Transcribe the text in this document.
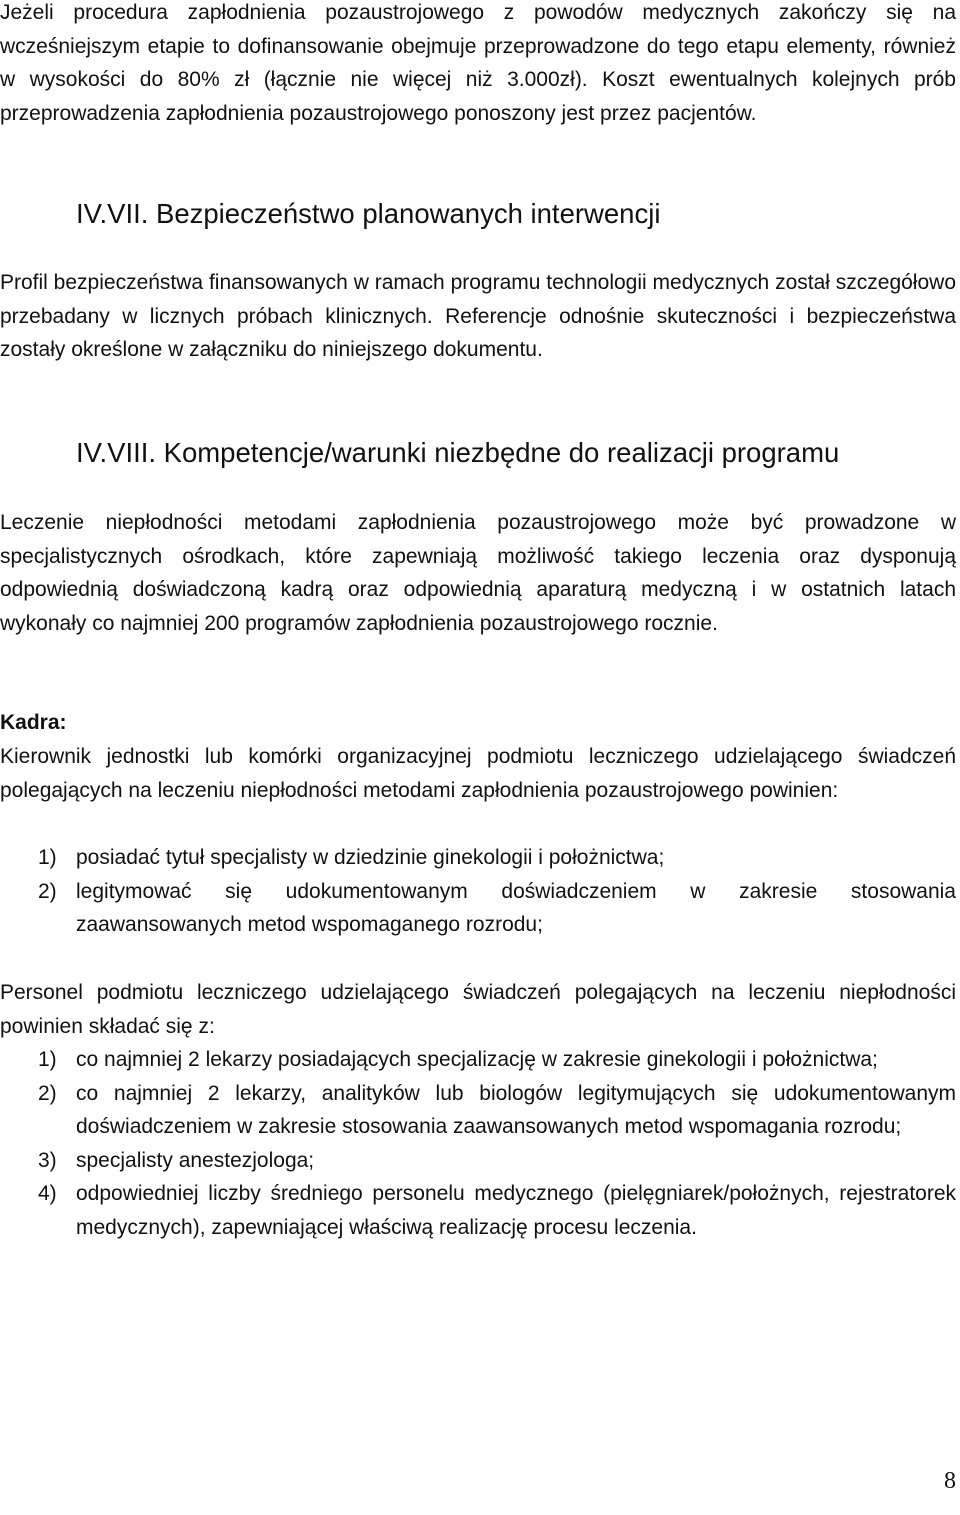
Jeżeli procedura zapłodnienia pozaustrojowego z powodów medycznych zakończy się na wcześniejszym etapie to dofinansowanie obejmuje przeprowadzone do tego etapu elementy, również w wysokości do 80% zł (łącznie nie więcej niż 3.000zł). Koszt ewentualnych kolejnych prób przeprowadzenia zapłodnienia pozaustrojowego ponoszony jest przez pacjentów.

IV.VII. Bezpieczeństwo planowanych interwencji

Profil bezpieczeństwa finansowanych w ramach programu technologii medycznych został szczegółowo przebadany w licznych próbach klinicznych. Referencje odnośnie skuteczności i bezpieczeństwa zostały określone w załączniku do niniejszego dokumentu.

IV.VIII. Kompetencje/warunki niezbędne do realizacji programu

Leczenie niepłodności metodami zapłodnienia pozaustrojowego może być prowadzone w specjalistycznych ośrodkach, które zapewniają możliwość takiego leczenia oraz dysponują odpowiednią doświadczoną kadrą oraz odpowiednią aparaturą medyczną i w ostatnich latach wykonały co najmniej 200 programów zapłodnienia pozaustrojowego rocznie.

Kadra:

Kierownik jednostki lub komórki organizacyjnej podmiotu leczniczego udzielającego świadczeń polegających na leczeniu niepłodności metodami zapłodnienia pozaustrojowego powinien:

1) posiadać tytuł specjalisty w dziedzinie ginekologii i położnictwa;
2) legitymować się udokumentowanym doświadczeniem w zakresie stosowania zaawansowanych metod wspomaganego rozrodu;

Personel podmiotu leczniczego udzielającego świadczeń polegających na leczeniu niepłodności powinien składać się z:

1) co najmniej 2 lekarzy posiadających specjalizację w zakresie ginekologii i położnictwa;
2) co najmniej 2 lekarzy, analityków lub biologów legitymujących się udokumentowanym doświadczeniem w zakresie stosowania zaawansowanych metod wspomagania rozrodu;
3) specjalisty anestezjologa;
4) odpowiedniej liczby średniego personelu medycznego (pielęgniarek/położnych, rejestratorek medycznych), zapewniającej właściwą realizację procesu leczenia.
8
